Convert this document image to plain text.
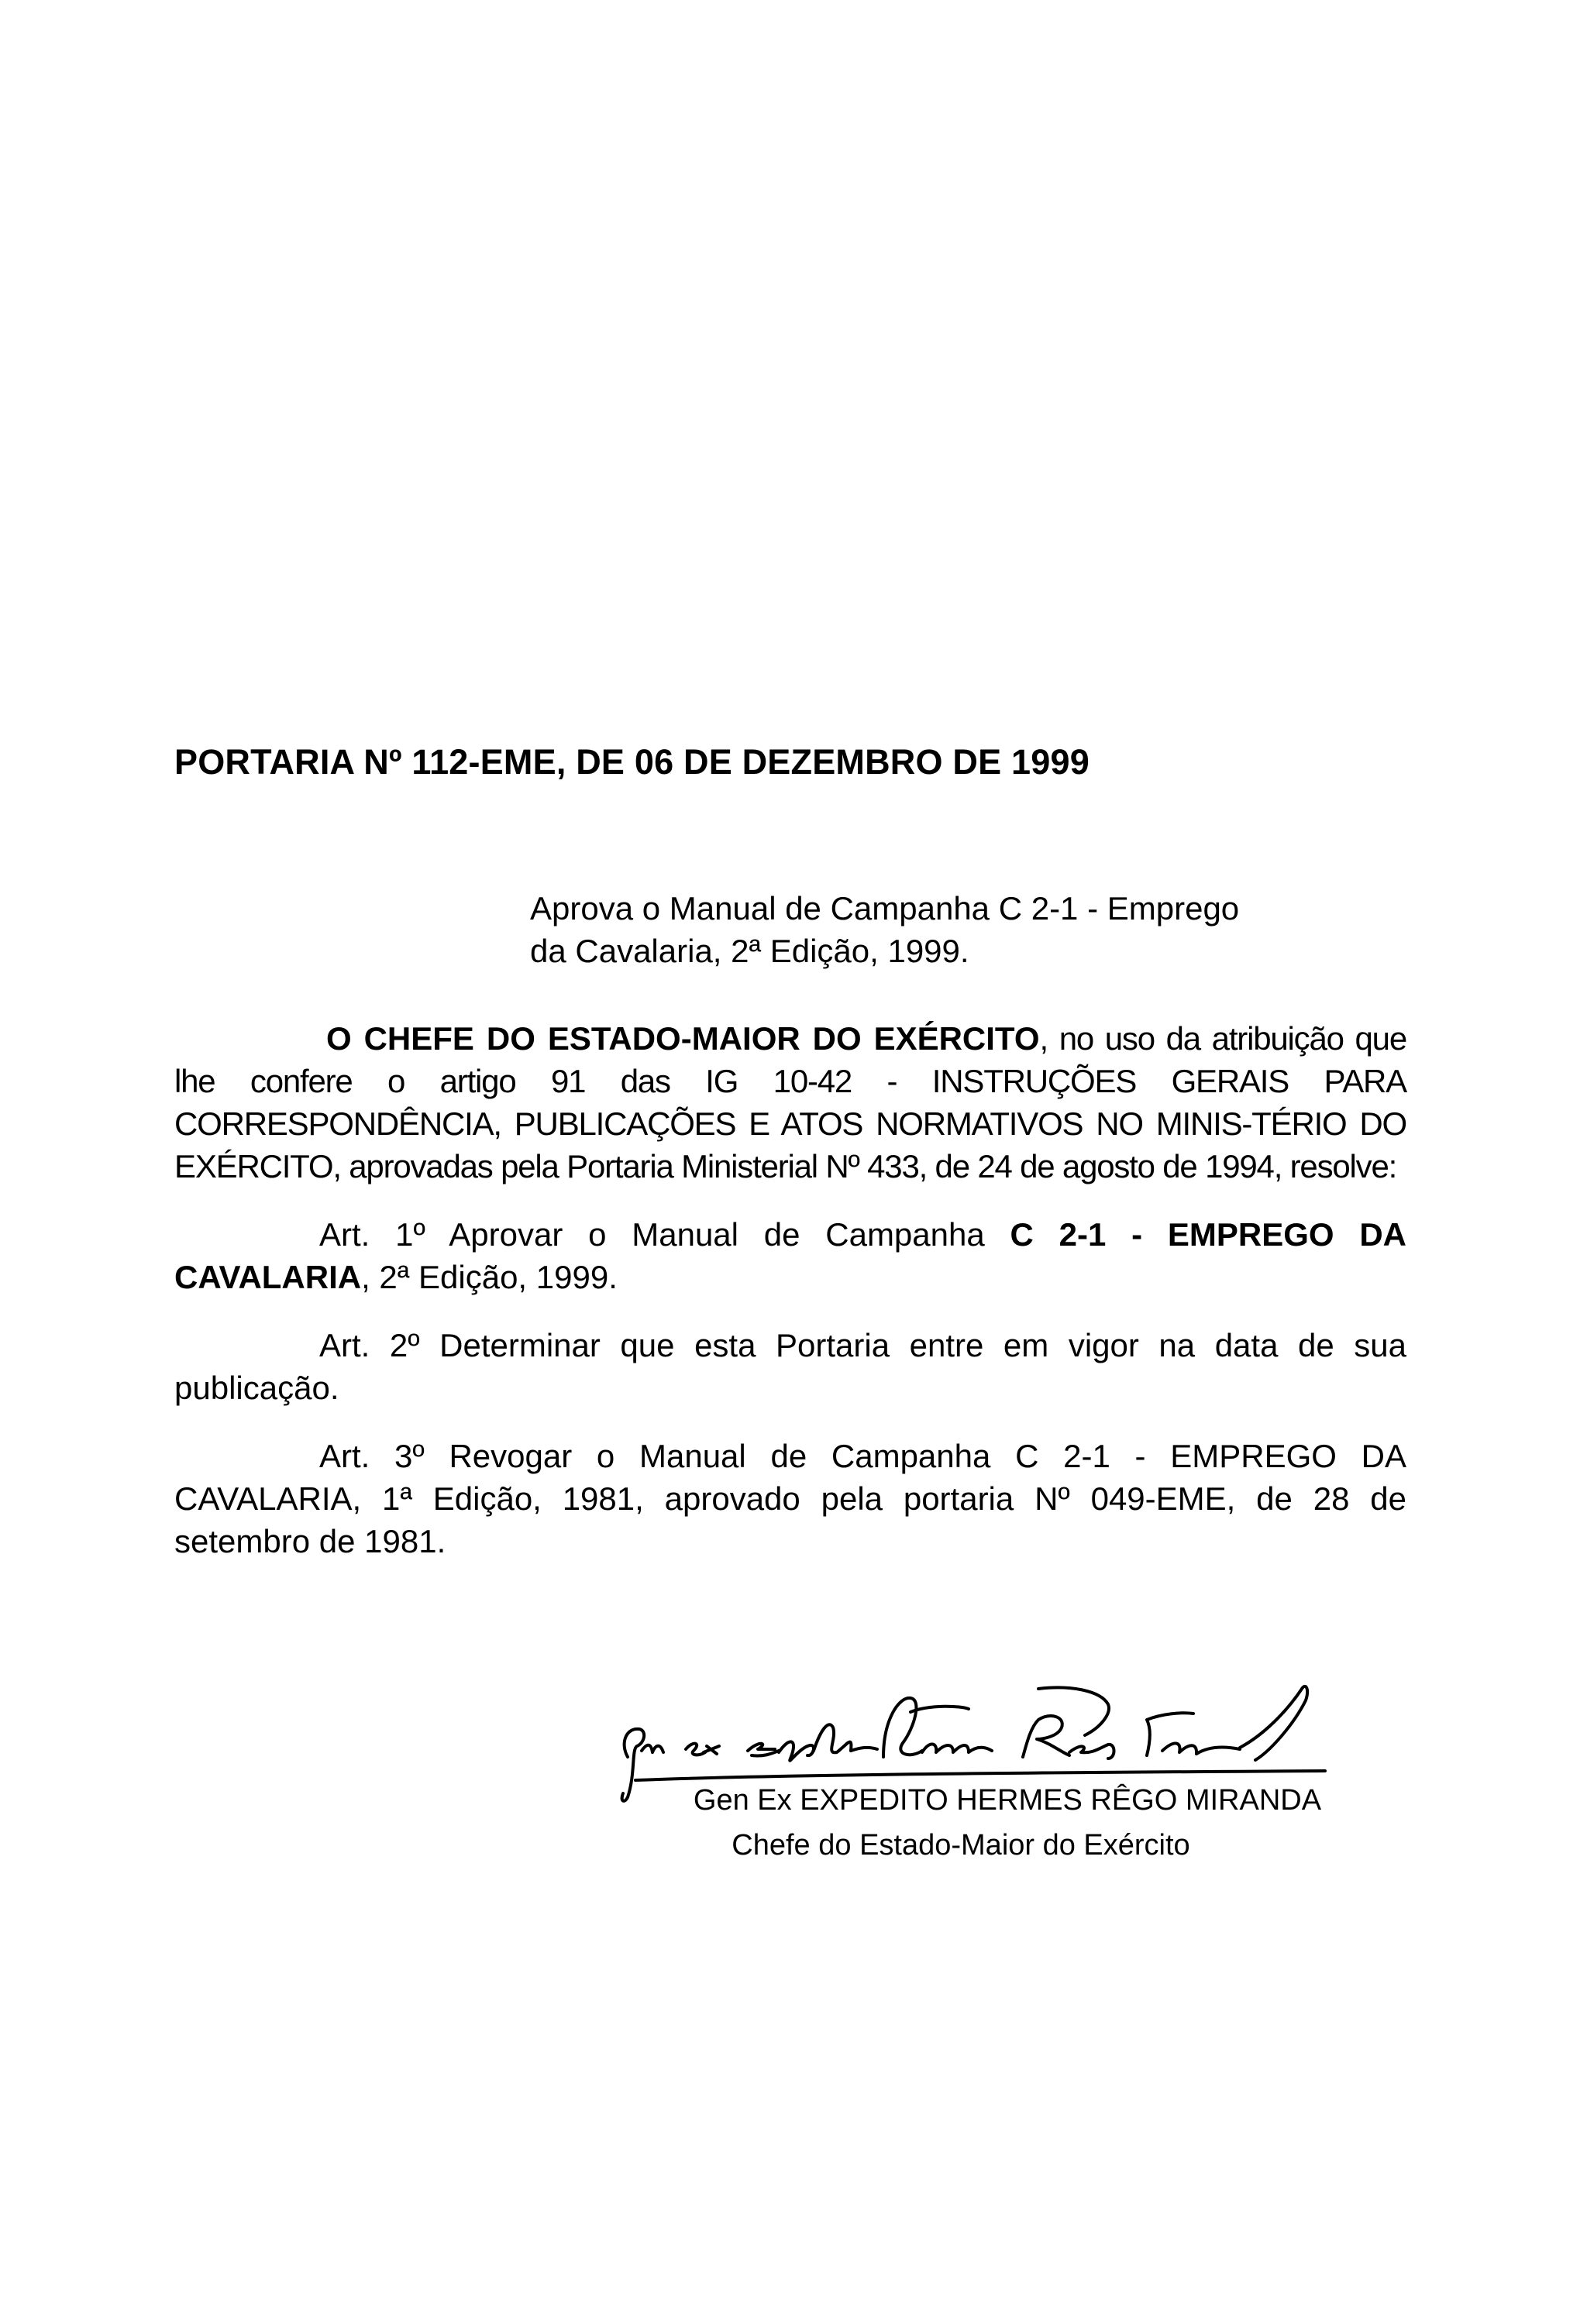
PORTARIA Nº 112-EME, DE 06 DE DEZEMBRO DE 1999
Aprova o Manual de Campanha C 2-1 - Emprego
da Cavalaria, 2ª Edição, 1999.

O CHEFE DO ESTADO-MAIOR DO EXÉRCITO, no uso da atribuição que lhe confere o artigo 91 das IG 10-42 - INSTRUÇÕES GERAIS PARA CORRESPONDÊNCIA, PUBLICAÇÕES E ATOS NORMATIVOS NO MINIS-TÉRIO DO EXÉRCITO, aprovadas pela Portaria Ministerial Nº 433, de 24 de agosto de 1994, resolve:

Art. 1º Aprovar o Manual de Campanha C 2-1 - EMPREGO DA CAVALARIA, 2ª Edição, 1999.

Art. 2º Determinar que esta Portaria entre em vigor na data de sua publicação.

Art. 3º Revogar o Manual de Campanha C 2-1 - EMPREGO DA CAVALARIA, 1ª Edição, 1981, aprovado pela portaria Nº 049-EME, de 28 de setembro de 1981.

Gen Ex EXPEDITO HERMES RÊGO MIRANDA
Chefe do Estado-Maior do Exército
